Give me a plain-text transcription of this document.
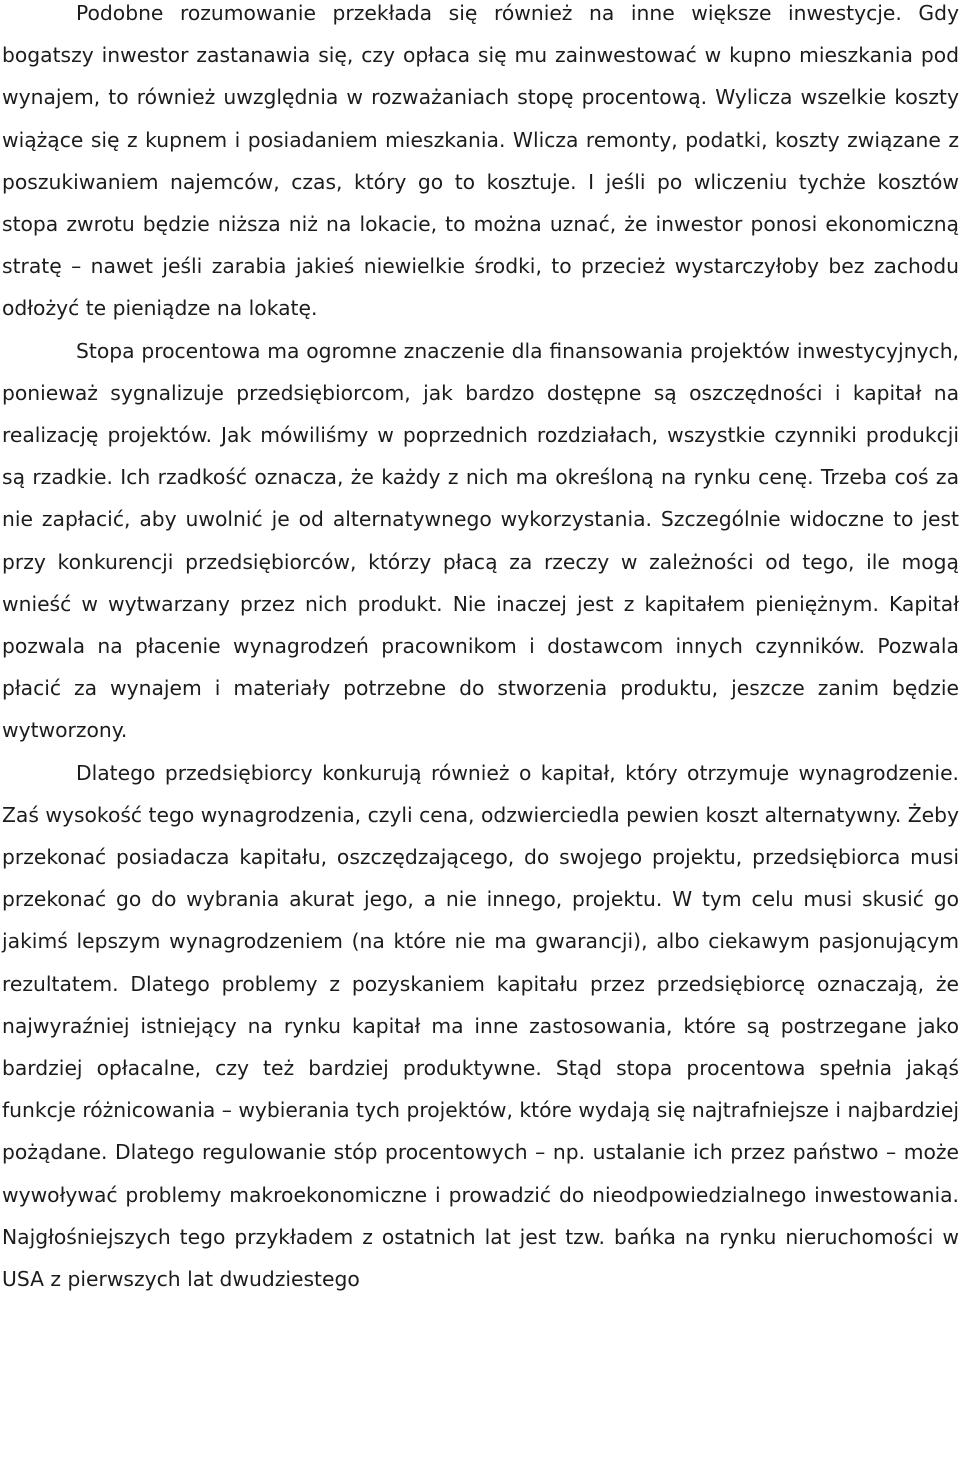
Podobne rozumowanie przekłada się również na inne większe inwestycje. Gdy bogatszy inwestor zastanawia się, czy opłaca się mu zainwestować w kupno mieszkania pod wynajem, to również uwzględnia w rozważaniach stopę procentową. Wylicza wszelkie koszty wiążące się z kupnem i posiadaniem mieszkania. Wlicza remonty, podatki, koszty związane z poszukiwaniem najemców, czas, który go to kosztuje. I jeśli po wliczeniu tychże kosztów stopa zwrotu będzie niższa niż na lokacie, to można uznać, że inwestor ponosi ekonomiczną stratę – nawet jeśli zarabia jakieś niewielkie środki, to przecież wystarczyłoby bez zachodu odłożyć te pieniądze na lokatę.

Stopa procentowa ma ogromne znaczenie dla finansowania projektów inwestycyjnych, ponieważ sygnalizuje przedsiębiorcom, jak bardzo dostępne są oszczędności i kapitał na realizację projektów. Jak mówiliśmy w poprzednich rozdziałach, wszystkie czynniki produkcji są rzadkie. Ich rzadkość oznacza, że każdy z nich ma określoną na rynku cenę. Trzeba coś za nie zapłacić, aby uwolnić je od alternatywnego wykorzystania. Szczególnie widoczne to jest przy konkurencji przedsiębiorców, którzy płacą za rzeczy w zależności od tego, ile mogą wnieść w wytwarzany przez nich produkt. Nie inaczej jest z kapitałem pieniężnym. Kapitał pozwala na płacenie wynagrodzeń pracownikom i dostawcom innych czynników. Pozwala płacić za wynajem i materiały potrzebne do stworzenia produktu, jeszcze zanim będzie wytworzony.

Dlatego przedsiębiorcy konkurują również o kapitał, który otrzymuje wynagrodzenie. Zaś wysokość tego wynagrodzenia, czyli cena, odzwierciedla pewien koszt alternatywny. Żeby przekonać posiadacza kapitału, oszczędzającego, do swojego projektu, przedsiębiorca musi przekonać go do wybrania akurat jego, a nie innego, projektu. W tym celu musi skusić go jakimś lepszym wynagrodzeniem (na które nie ma gwarancji), albo ciekawym pasjonującym rezultatem. Dlatego problemy z pozyskaniem kapitału przez przedsiębiorcę oznaczają, że najwyraźniej istniejący na rynku kapitał ma inne zastosowania, które są postrzegane jako bardziej opłacalne, czy też bardziej produktywne. Stąd stopa procentowa spełnia jakąś funkcje różnicowania – wybierania tych projektów, które wydają się najtrafniejsze i najbardziej pożądane. Dlatego regulowanie stóp procentowych – np. ustalanie ich przez państwo – może wywoływać problemy makroekonomiczne i prowadzić do nieodpowiedzialnego inwestowania. Najgłośniejszych tego przykładem z ostatnich lat jest tzw. bańka na rynku nieruchomości w USA z pierwszych lat dwudziestego
